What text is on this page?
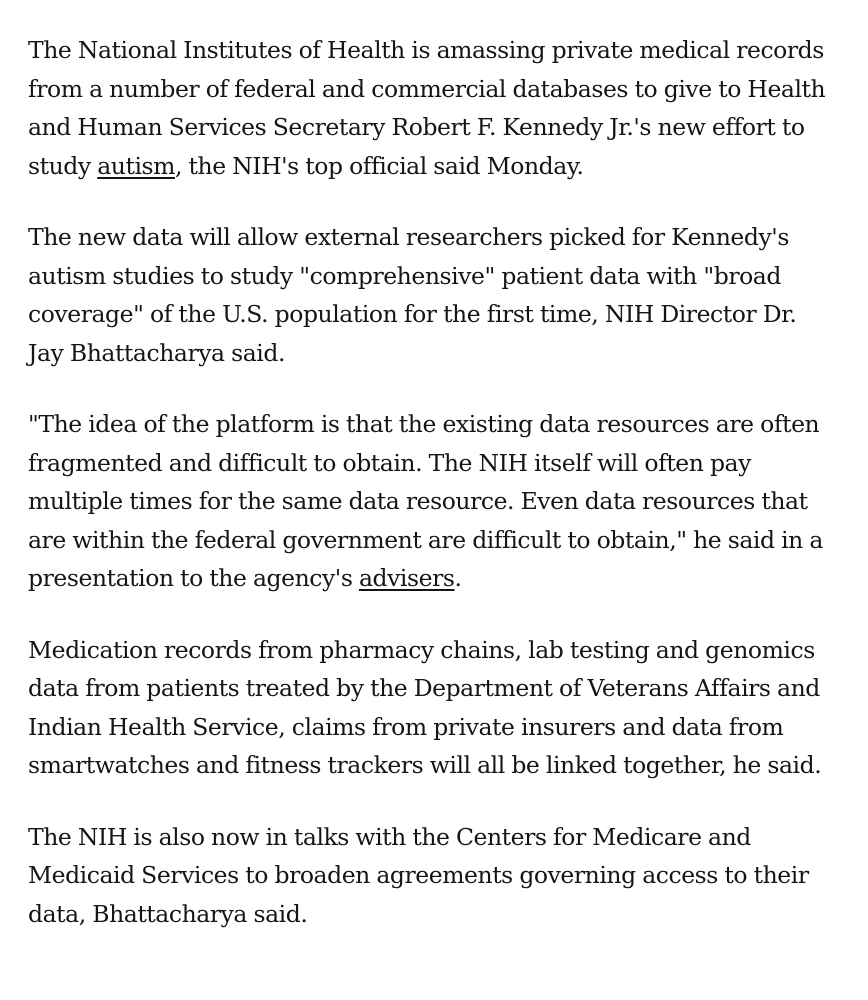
The National Institutes of Health is amassing private medical records from a number of federal and commercial databases to give to Health and Human Services Secretary Robert F. Kennedy Jr.'s new effort to study autism, the NIH's top official said Monday.

The new data will allow external researchers picked for Kennedy's autism studies to study "comprehensive" patient data with "broad coverage" of the U.S. population for the first time, NIH Director Dr. Jay Bhattacharya said.

"The idea of the platform is that the existing data resources are often fragmented and difficult to obtain. The NIH itself will often pay multiple times for the same data resource. Even data resources that are within the federal government are difficult to obtain," he said in a presentation to the agency's advisers.

Medication records from pharmacy chains, lab testing and genomics data from patients treated by the Department of Veterans Affairs and Indian Health Service, claims from private insurers and data from smartwatches and fitness trackers will all be linked together, he said.

The NIH is also now in talks with the Centers for Medicare and Medicaid Services to broaden agreements governing access to their data, Bhattacharya said.
